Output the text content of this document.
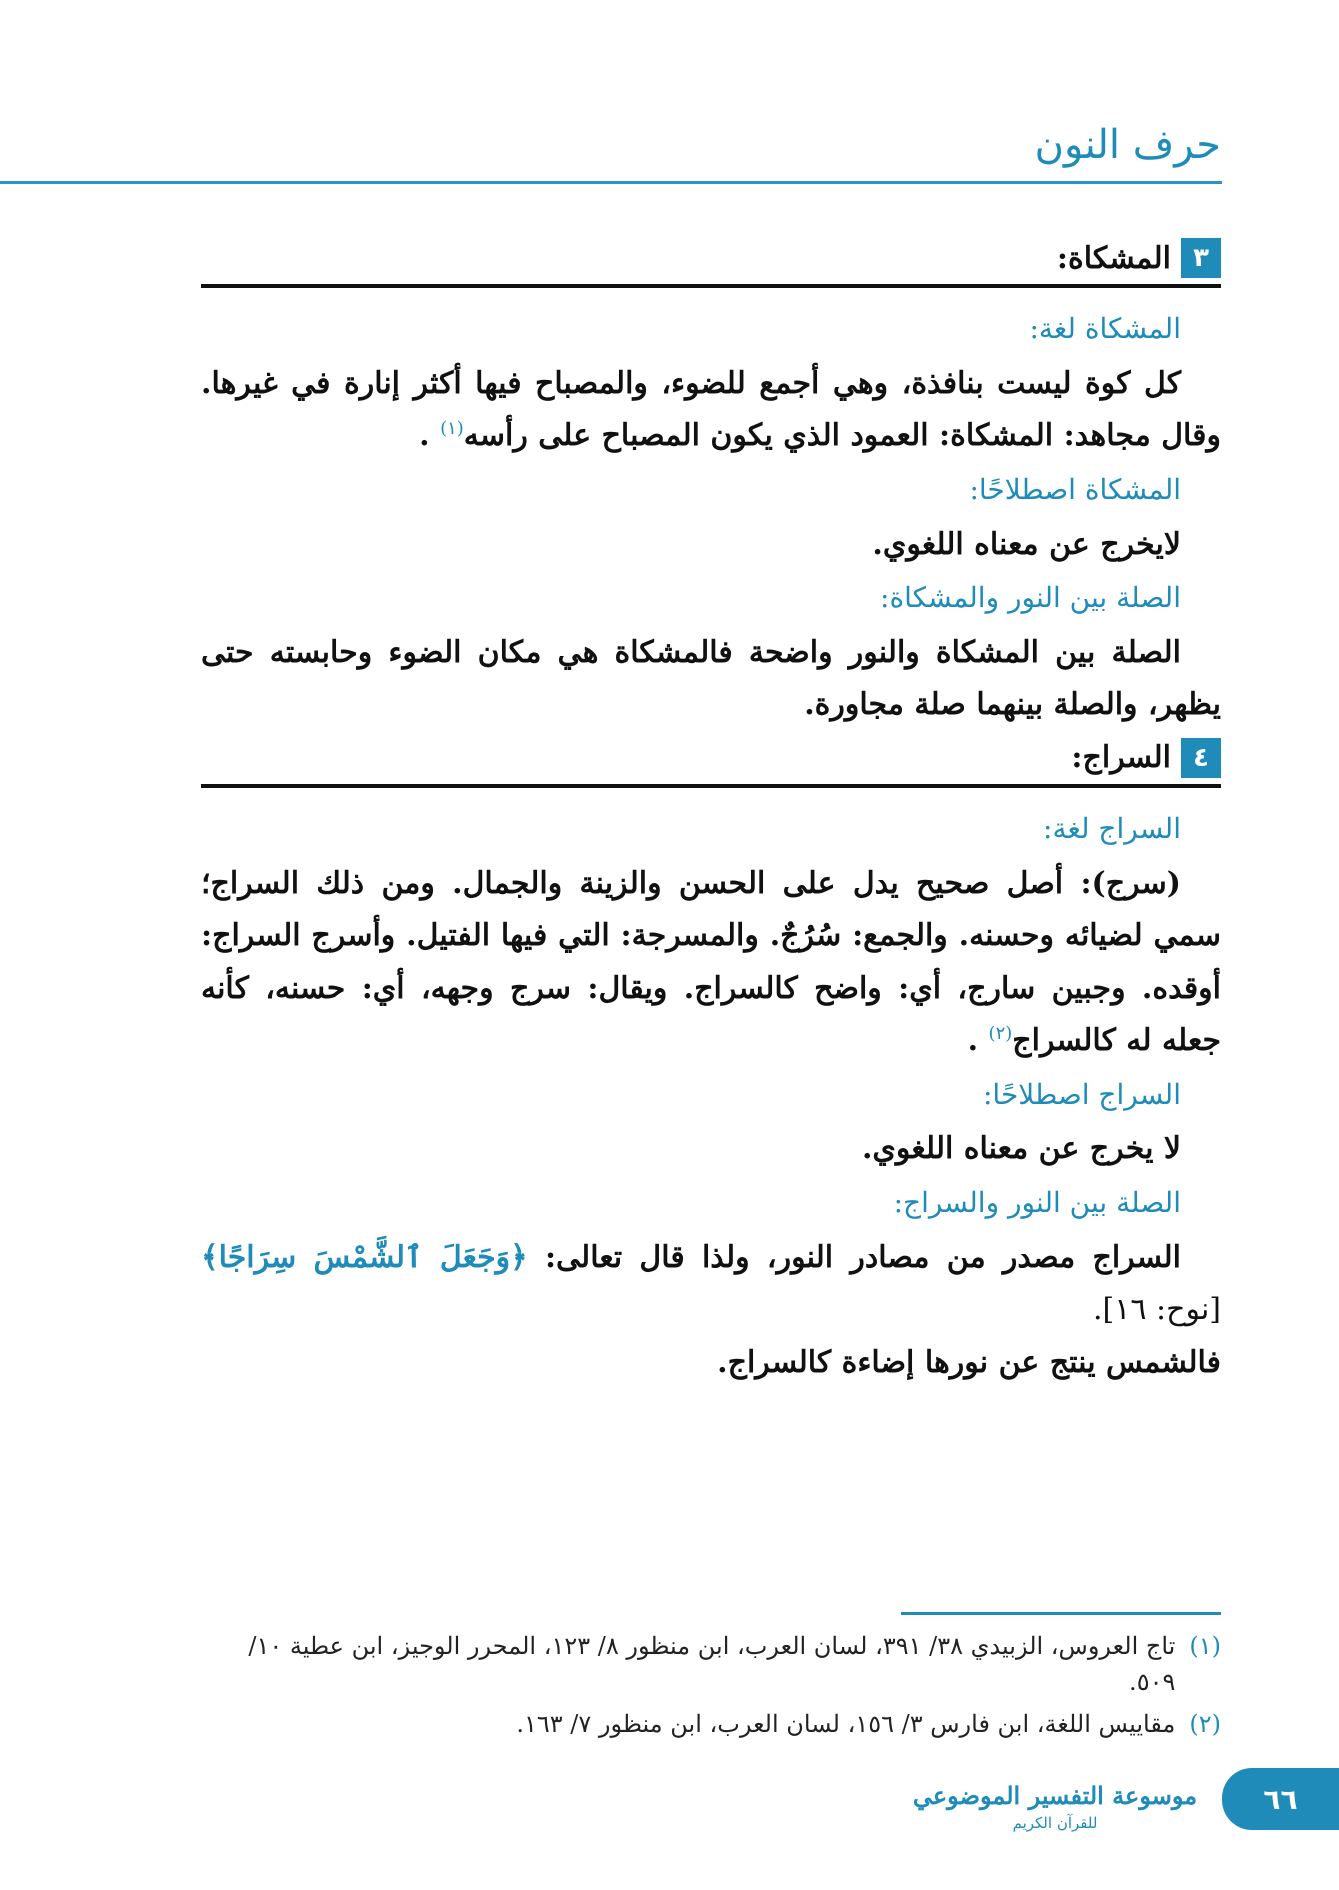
حرف النون
٣
المشكاة:
المشكاة لغة:

كل كوة ليست بنافذة، وهي أجمع للضوء، والمصباح فيها أكثر إنارة في غيرها. وقال مجاهد: المشكاة: العمود الذي يكون المصباح على رأسه$^{(١)}$ .

المشكاة اصطلاحًا:

لايخرج عن معناه اللغوي.

الصلة بين النور والمشكاة:

الصلة بين المشكاة والنور واضحة فالمشكاة هي مكان الضوء وحابسته حتى يظهر، والصلة بينهما صلة مجاورة.

٤
السراج:
السراج لغة:

(سرج): أصل صحيح يدل على الحسن والزينة والجمال. ومن ذلك السراج؛ سمي لضيائه وحسنه. والجمع: سُرُجٌ. والمسرجة: التي فيها الفتيل. وأسرج السراج: أوقده. وجبين سارج، أي: واضح كالسراج. ويقال: سرج وجهه، أي: حسنه، كأنه جعله له كالسراج$^{(٢)}$ .

السراج اصطلاحًا:

لا يخرج عن معناه اللغوي.

الصلة بين النور والسراج:

السراج مصدر من مصادر النور، ولذا قال تعالى: ﴿وَجَعَلَ ٱلشَّمْسَ سِرَاجًا﴾ [نوح: ١٦].
فالشمس ينتج عن نورها إضاءة كالسراج.

(١)
تاج العروس، الزبيدي ٣٨/ ٣٩١، لسان العرب، ابن منظور ٨/ ١٢٣، المحرر الوجيز، ابن عطية ١٠/ ٥٠٩.
(٢)
مقاييس اللغة، ابن فارس ٣/ ١٥٦، لسان العرب، ابن منظور ٧/ ١٦٣.
موسوعة التفسير الموضوعي
للقرآن الكريم
٦٦
